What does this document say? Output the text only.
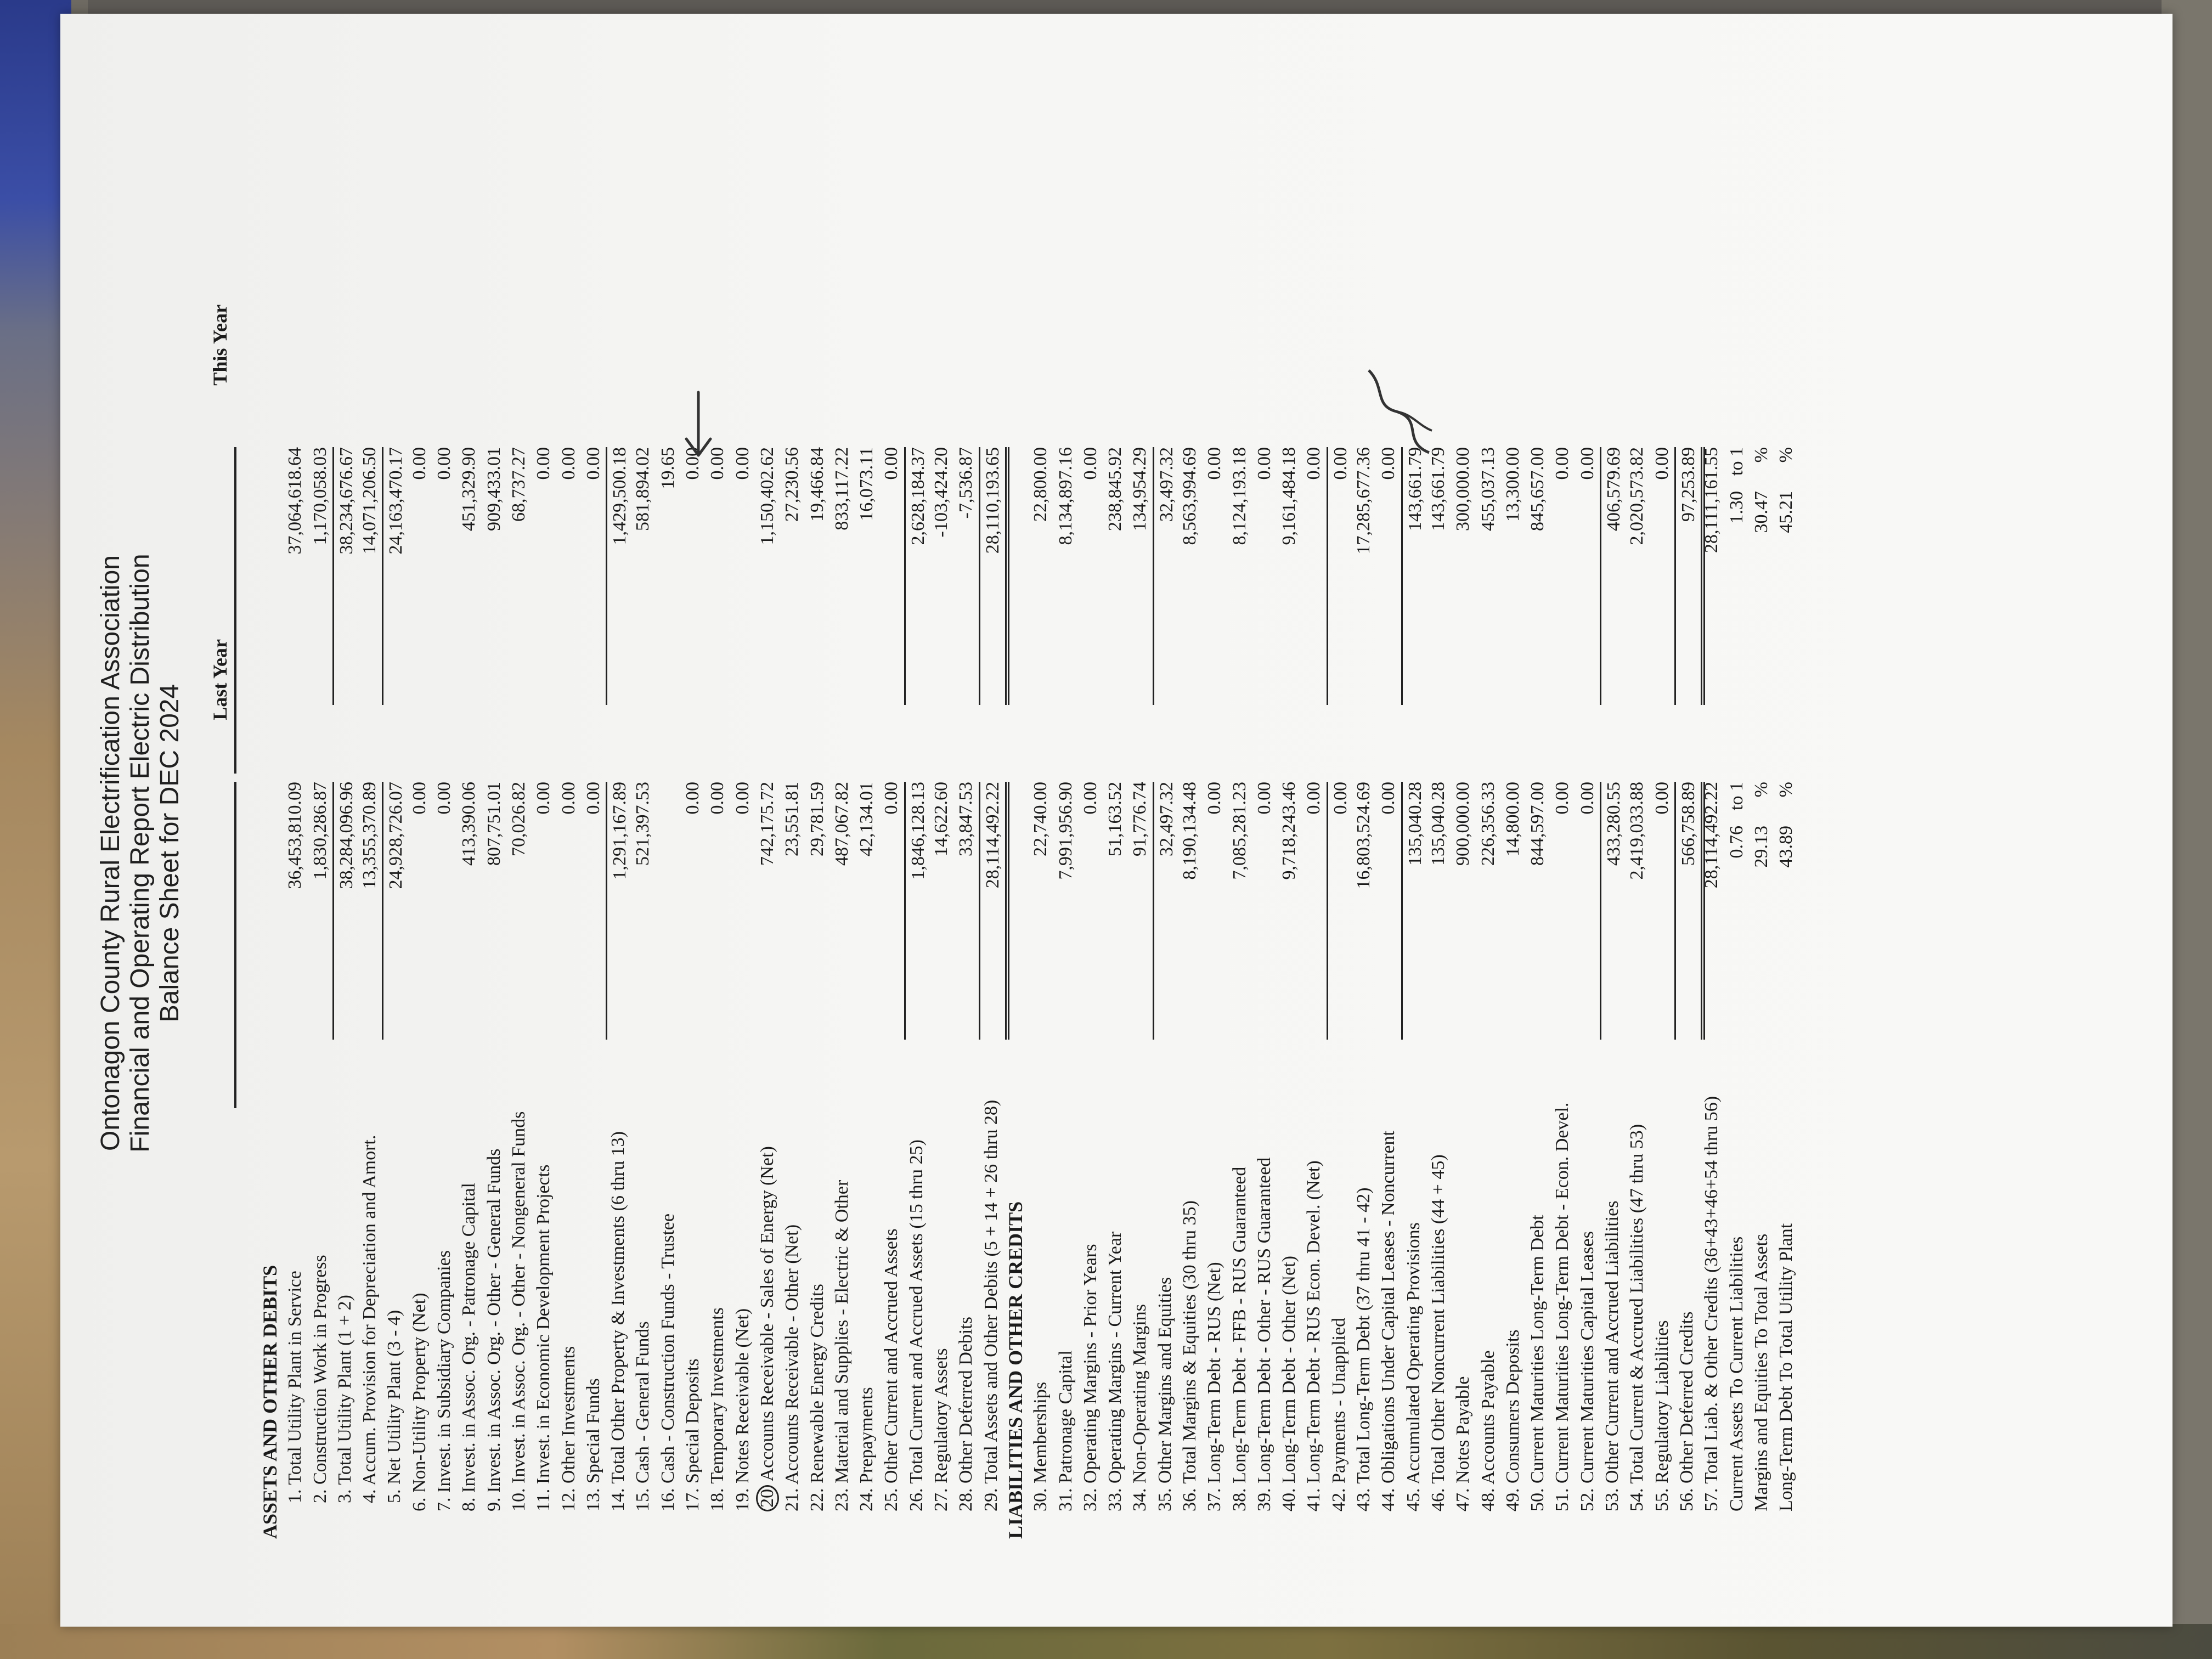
Ontonagon County Rural Electrification Association Financial and Operating Report Electric Distribution Balance Sheet for DEC 2024
Last Year
This Year
ASSETS AND OTHER DEBITS 1. Total Utility Plant in Service
36,453,810.09
37,064,618.64
2. Construction Work in Progress
1,830,286.87
1,170,058.03
3. Total Utility Plant (1 + 2)
38,284,096.96
38,234,676.67
4. Accum. Provision for Depreciation and Amort.
13,355,370.89
14,071,206.50
5. Net Utility Plant (3 - 4)
24,928,726.07
24,163,470.17
6. Non-Utility Property (Net)
0.00
0.00
7. Invest. in Subsidiary Companies
0.00
0.00
8. Invest. in Assoc. Org. - Patronage Capital
413,390.06
451,329.90
9. Invest. in Assoc. Org. - Other - General Funds
807,751.01
909,433.01
10. Invest. in Assoc. Org. - Other - Nongeneral Funds
70,026.82
68,737.27
11. Invest. in Economic Development Projects
0.00
0.00
12. Other Investments
0.00
0.00
13. Special Funds
0.00
0.00
14. Total Other Property & Investments (6 thru 13)
1,291,167.89
1,429,500.18
15. Cash - General Funds
521,397.53
581,894.02
16. Cash - Construction Funds - Trustee
19.65
17. Special Deposits
0.00
0.00
18. Temporary Investments
0.00
0.00
19. Notes Receivable (Net)
0.00
0.00
20 Accounts Receivable - Sales of Energy (Net)
742,175.72
1,150,402.62
21. Accounts Receivable - Other (Net)
23,551.81
27,230.56
22. Renewable Energy Credits
29,781.59
19,466.84
23. Material and Supplies - Electric & Other
487,067.82
833,117.22
24. Prepayments
42,134.01
16,073.11
25. Other Current and Accrued Assets
0.00
0.00
26. Total Current and Accrued Assets (15 thru 25)
1,846,128.13
2,628,184.37
27. Regulatory Assets
14,622.60
-103,424.20
28. Other Deferred Debits
33,847.53
-7,536.87
29. Total Assets and Other Debits (5 + 14 + 26 thru 28)
28,114,492.22
28,110,193.65
LIABILITIES AND OTHER CREDITS 30. Memberships
22,740.00
22,800.00
31. Patronage Capital
7,991,956.90
8,134,897.16
32. Operating Margins - Prior Years
0.00
0.00
33. Operating Margins - Current Year
51,163.52
238,845.92
34. Non-Operating Margins
91,776.74
134,954.29
35. Other Margins and Equities
32,497.32
32,497.32
36. Total Margins & Equities (30 thru 35)
8,190,134.48
8,563,994.69
37. Long-Term Debt - RUS (Net)
0.00
0.00
38. Long-Term Debt - FFB - RUS Guaranteed
7,085,281.23
8,124,193.18
39. Long-Term Debt - Other - RUS Guaranteed
0.00
0.00
40. Long-Term Debt - Other (Net)
9,718,243.46
9,161,484.18
41. Long-Term Debt - RUS Econ. Devel. (Net)
0.00
0.00
42. Payments - Unapplied
0.00
0.00
43. Total Long-Term Debt (37 thru 41 - 42)
16,803,524.69
17,285,677.36
44. Obligations Under Capital Leases - Noncurrent
0.00
0.00
45. Accumulated Operating Provisions
135,040.28
143,661.79
46. Total Other Noncurrent Liabilities (44 + 45)
135,040.28
143,661.79
47. Notes Payable
900,000.00
300,000.00
48. Accounts Payable
226,356.33
455,037.13
49. Consumers Deposits
14,800.00
13,300.00
50. Current Maturities Long-Term Debt
844,597.00
845,657.00
51. Current Maturities Long-Term Debt - Econ. Devel.
0.00
0.00
52. Current Maturities Capital Leases
0.00
0.00
53. Other Current and Accrued Liabilities
433,280.55
406,579.69
54. Total Current & Accrued Liabilities (47 thru 53)
2,419,033.88
2,020,573.82
55. Regulatory Liabilities
0.00
0.00
56. Other Deferred Credits
566,758.89
97,253.89
57. Total Liab. & Other Credits (36+43+46+54 thru 56)
28,114,492.22
28,111,161.55
Current Assets To Current Liabilities
0.76to 1
1.30to 1
Margins and Equities To Total Assets
29.13%
30.47%
Long-Term Debt To Total Utility Plant
43.89%
45.21%
